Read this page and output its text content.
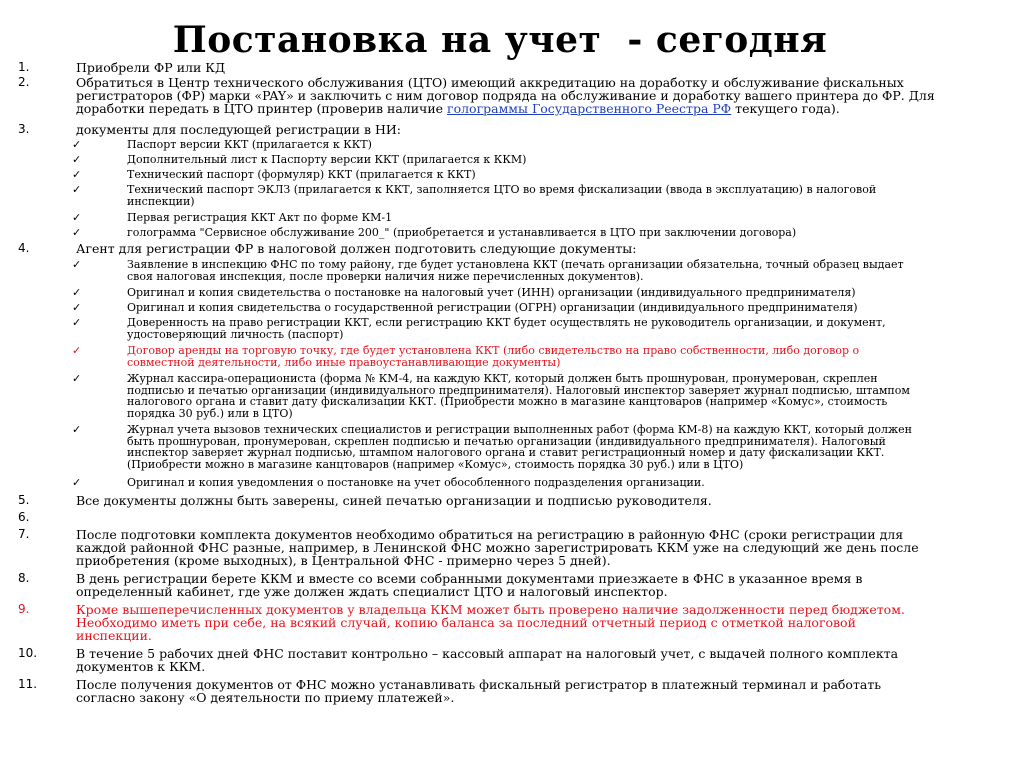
Постановка на учет  - сегодня
1.	Приобрели ФР или КД
2.	Обратиться в Центр технического обслуживания (ЦТО) имеющий аккредитацию на доработку и обслуживание фискальных регистраторов (ФР) марки «PAY» и заключить с ним договор подряда на обслуживание и доработку вашего принтера до ФР. Для доработки передать в ЦТО принтер (проверив наличие голограммы Государственного Реестра РФ текущего года).
3.	документы для последующей регистрации в НИ:
✓	Паспорт версии ККТ (прилагается к ККТ)
✓	Дополнительный лист к Паспорту версии ККТ (прилагается к ККМ)
✓	Технический паспорт (формуляр) ККТ (прилагается к ККТ)
✓	Технический паспорт ЭКЛЗ (прилагается к ККТ, заполняется ЦТО во время фискализации (ввода в эксплуатацию) в налоговой
инспекции)
✓	Первая регистрация ККТ Акт по форме КМ-1
✓	голограмма "Сервисное обслуживание 200_" (приобретается и устанавливается в ЦТО при заключении договора)
4.	Агент для регистрации ФР в налоговой должен подготовить следующие документы:
✓	Заявление в инспекцию ФНС по тому району, где будет установлена ККТ (печать организации обязательна, точный образец выдает
своя налоговая инспекция, после проверки наличия ниже перечисленных документов).
✓	Оригинал и копия свидетельства о постановке на налоговый учет (ИНН) организации (индивидуального предпринимателя)
✓	Оригинал и копия свидетельства о государственной регистрации (ОГРН) организации (индивидуального предпринимателя)
✓	Доверенность на право регистрации ККТ, если регистрацию ККТ будет осуществлять не руководитель организации, и документ,
удостоверяющий личность (паспорт)
✓	Договор аренды на торговую точку, где будет установлена ККТ (либо свидетельство на право собственности, либо договор о
совместной деятельности, либо иные правоустанавливающие документы)
✓	Журнал кассира-операциониста (форма № КМ-4, на каждую ККТ, который должен быть прошнурован, пронумерован, скреплен
подписью и печатью организации (индивидуального предпринимателя). Налоговый инспектор заверяет журнал подписью, штампом
налогового органа и ставит дату фискализации ККТ. (Приобрести можно в магазине канцтоваров (например «Комус», стоимость
порядка 30 руб.) или в ЦТО)
✓	Журнал учета вызовов технических специалистов и регистрации выполненных работ (форма КМ-8) на каждую ККТ, который должен
быть прошнурован, пронумерован, скреплен подписью и печатью организации (индивидуального предпринимателя). Налоговый
инспектор заверяет журнал подписью, штампом налогового органа и ставит регистрационный номер и дату фискализации ККТ.
(Приобрести можно в магазине канцтоваров (например «Комус», стоимость порядка 30 руб.) или в ЦТО)
✓	Оригинал и копия уведомления о постановке на учет обособленного подразделения организации.
5.	Все документы должны быть заверены, синей печатью организации и подписью руководителя.
6.
7.	После подготовки комплекта документов необходимо обратиться на регистрацию в районную ФНС (сроки регистрации для
каждой районной ФНС разные, например, в Ленинской ФНС можно зарегистрировать ККМ уже на следующий же день после
приобретения (кроме выходных), в Центральной ФНС - примерно через 5 дней).
8.	В день регистрации берете ККМ и вместе со всеми собранными документами приезжаете в ФНС в указанное время в
определенный кабинет, где уже должен ждать специалист ЦТО и налоговый инспектор.
9.	Кроме вышеперечисленных документов у владельца ККМ может быть проверено наличие задолженности перед бюджетом.
Необходимо иметь при себе, на всякий случай, копию баланса за последний отчетный период с отметкой налоговой
инспекции.
10.	В течение 5 рабочих дней ФНС поставит контрольно – кассовый аппарат на налоговый учет, с выдачей полного комплекта
документов к ККМ.
11.	После получения документов от ФНС можно устанавливать фискальный регистратор в платежный терминал и работать
согласно закону «О деятельности по приему платежей».
